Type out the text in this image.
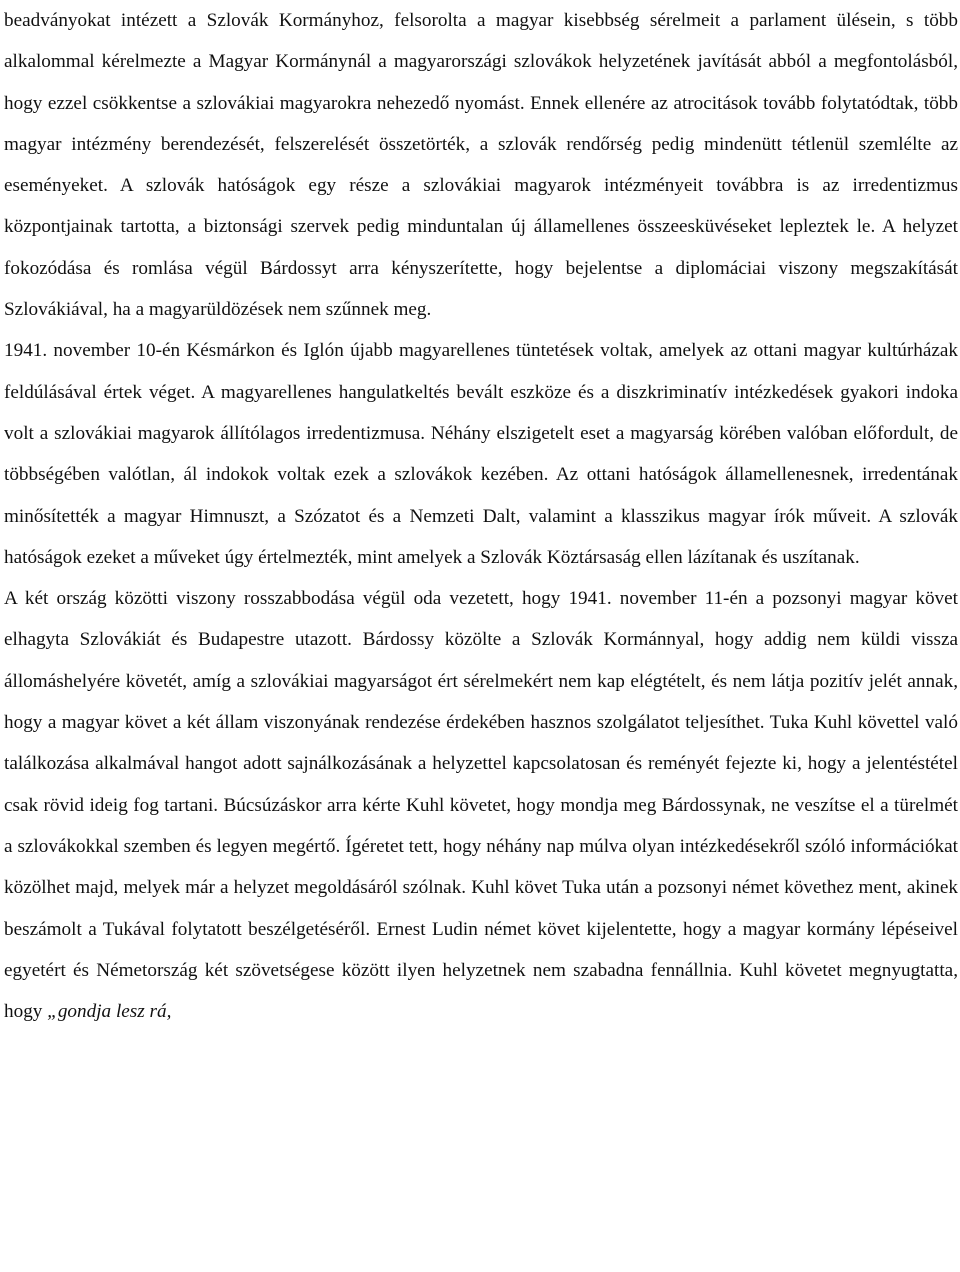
beadványokat intézett a Szlovák Kormányhoz, felsorolta a magyar kisebbség sérelmeit a parlament ülésein, s több alkalommal kérelmezte a Magyar Kormánynál a magyarországi szlovákok helyzetének javítását abból a megfontolásból, hogy ezzel csökkentse a szlovákiai magyarokra nehezedő nyomást. Ennek ellenére az atrocitások tovább folytatódtak, több magyar intézmény berendezését, felszerelését összetörték, a szlovák rendőrség pedig mindenütt tétlenül szemlélte az eseményeket. A szlovák hatóságok egy része a szlovákiai magyarok intézményeit továbbra is az irredentizmus központjainak tartotta, a biztonsági szervek pedig minduntalan új államellenes összeesküvéseket lepleztek le. A helyzet fokozódása és romlása végül Bárdossyt arra kényszerítette, hogy bejelentse a diplomáciai viszony megszakítását Szlovákiával, ha a magyarüldözések nem szűnnek meg.

1941. november 10-én Késmárkon és Iglón újabb magyarellenes tüntetések voltak, amelyek az ottani magyar kultúrházak feldúlásával értek véget. A magyarellenes hangulatkeltés bevált eszköze és a diszkriminatív intézkedések gyakori indoka volt a szlovákiai magyarok állítólagos irredentizmusa. Néhány elszigetelt eset a magyarság körében valóban előfordult, de többségében valótlan, ál indokok voltak ezek a szlovákok kezében. Az ottani hatóságok államellenesnek, irredentának minősítették a magyar Himnuszt, a Szózatot és a Nemzeti Dalt, valamint a klasszikus magyar írók műveit. A szlovák hatóságok ezeket a műveket úgy értelmezték, mint amelyek a Szlovák Köztársaság ellen lázítanak és uszítanak.

A két ország közötti viszony rosszabbodása végül oda vezetett, hogy 1941. november 11-én a pozsonyi magyar követ elhagyta Szlovákiát és Budapestre utazott. Bárdossy közölte a Szlovák Kormánnyal, hogy addig nem küldi vissza állomáshelyére követét, amíg a szlovákiai magyarságot ért sérelmekért nem kap elégtételt, és nem látja pozitív jelét annak, hogy a magyar követ a két állam viszonyának rendezése érdekében hasznos szolgálatot teljesíthet. Tuka Kuhl követtel való találkozása alkalmával hangot adott sajnálkozásának a helyzettel kapcsolatosan és reményét fejezte ki, hogy a jelentéstétel csak rövid ideig fog tartani. Búcsúzáskor arra kérte Kuhl követet, hogy mondja meg Bárdossynak, ne veszítse el a türelmét a szlovákokkal szemben és legyen megértő. Ígéretet tett, hogy néhány nap múlva olyan intézkedésekről szóló információkat közölhet majd, melyek már a helyzet megoldásáról szólnak. Kuhl követ Tuka után a pozsonyi német követhez ment, akinek beszámolt a Tukával folytatott beszélgetéséről. Ernest Ludin német követ kijelentette, hogy a magyar kormány lépéseivel egyetért és Németország két szövetségese között ilyen helyzetnek nem szabadna fennállnia. Kuhl követet megnyugtatta, hogy „gondja lesz rá,
